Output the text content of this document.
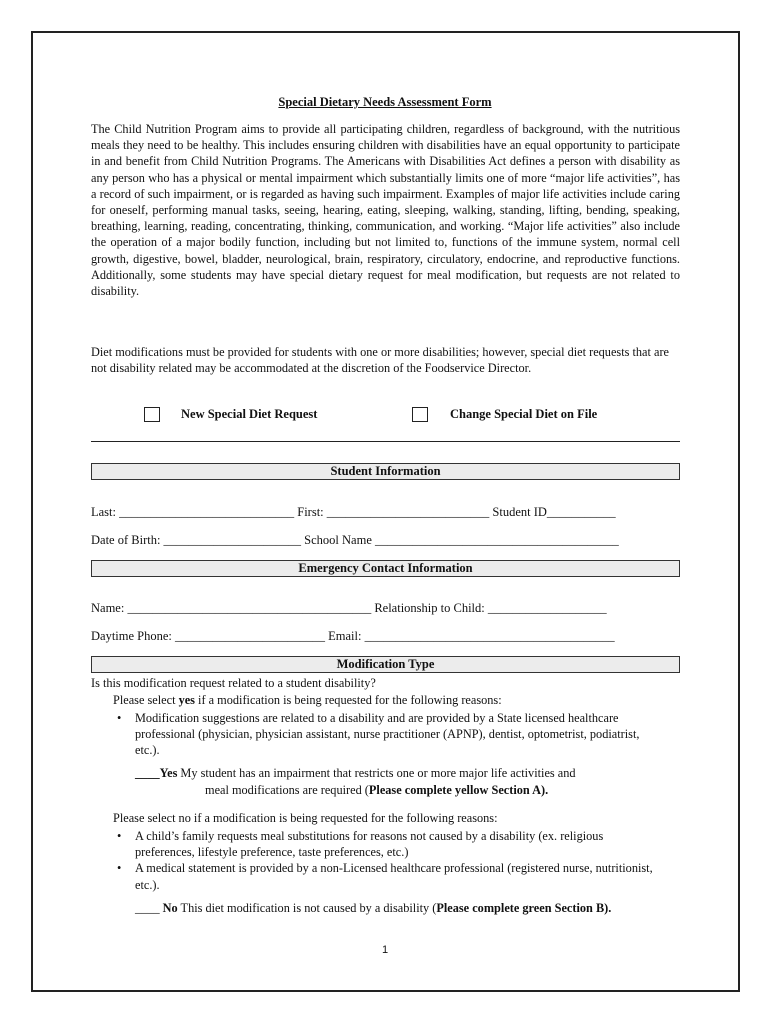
Special Dietary Needs Assessment Form
The Child Nutrition Program aims to provide all participating children, regardless of background, with the nutritious meals they need to be healthy. This includes ensuring children with disabilities have an equal opportunity to participate in and benefit from Child Nutrition Programs. The Americans with Disabilities Act defines a person with disability as any person who has a physical or mental impairment which substantially limits one of more “major life activities”, has a record of such impairment, or is regarded as having such impairment. Examples of major life activities include caring for oneself, performing manual tasks, seeing, hearing, eating, sleeping, walking, standing, lifting, bending, speaking, breathing, learning, reading, concentrating, thinking, communication, and working. “Major life activities” also include the operation of a major bodily function, including but not limited to, functions of the immune system, normal cell growth, digestive, bowel, bladder, neurological, brain, respiratory, circulatory, endocrine, and reproductive functions. Additionally, some students may have special dietary request for meal modification, but requests are not related to disability.
Diet modifications must be provided for students with one or more disabilities; however, special diet requests that are not disability related may be accommodated at the discretion of the Foodservice Director.
New Special Diet Request	Change Special Diet on File
Student Information
Last: ____________________________ First: __________________________ Student ID___________
Date of Birth: ______________________ School Name _______________________________________
Emergency Contact Information
Name: _______________________________________ Relationship to Child: ___________________
Daytime Phone: ________________________ Email: ________________________________________
Modification Type
Is this modification request related to a student disability?
Please select yes if a modification is being requested for the following reasons:
• Modification suggestions are related to a disability and are provided by a State licensed healthcare professional (physician, physician assistant, nurse practitioner (APNP), dentist, optometrist, podiatrist, etc.).
____Yes My student has an impairment that restricts one or more major life activities and
meal modifications are required (Please complete yellow Section A).
Please select no if a modification is being requested for the following reasons:
• A child’s family requests meal substitutions for reasons not caused by a disability (ex. religious preferences, lifestyle preference, taste preferences, etc.)
• A medical statement is provided by a non-Licensed healthcare professional (registered nurse, nutritionist, etc.).
____ No This diet modification is not caused by a disability (Please complete green Section B).
1
